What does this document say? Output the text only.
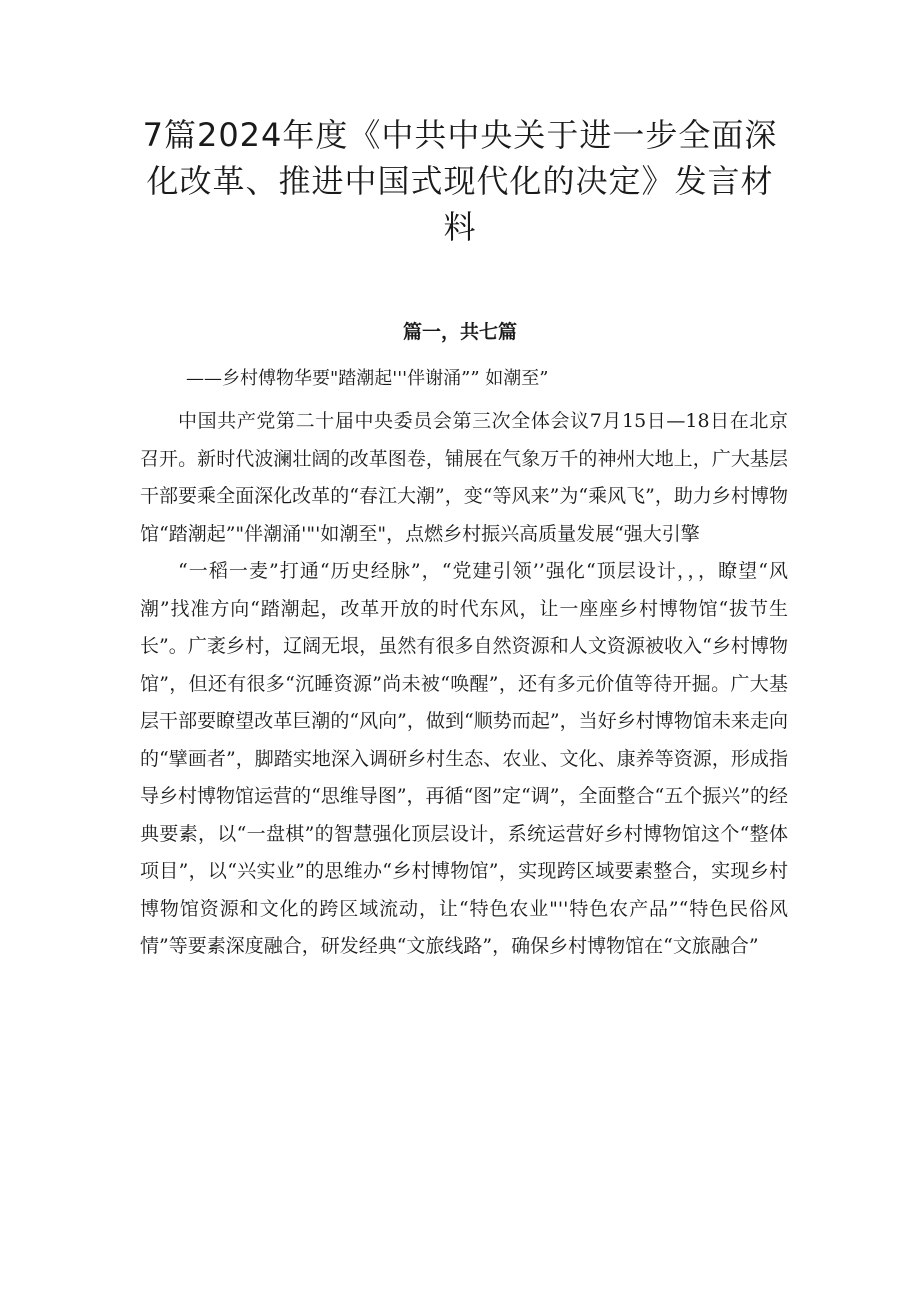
7篇2024年度《中共中央关于进一步全面深化改革、推进中国式现代化的决定》发言材料
篇一，共七篇
——乡村傅物华要"踏潮起'''伴谢涌”” 如潮至”

中国共产党第二十届中央委员会第三次全体会议7月15日—18日在北京召开。新时代波澜壮阔的改革图卷，铺展在气象万千的神州大地上，广大基层干部要乘全面深化改革的“春江大潮”，变“等风来”为“乘风飞”，助力乡村博物馆“踏潮起”"伴潮涌'"'如潮至"，点燃乡村振兴高质量发展“强大引擎

“一稻一麦”打通“历史经脉”，“党建引领’’强化“顶层设计，，，瞭望“风潮”找准方向“踏潮起，改革开放的时代东风，让一座座乡村博物馆“拔节生长”。广袤乡村，辽阔无垠，虽然有很多自然资源和人文资源被收入“乡村博物馆”，但还有很多“沉睡资源”尚未被“唤醒”，还有多元价值等待开掘。广大基层干部要瞭望改革巨潮的“风向”，做到“顺势而起”，当好乡村博物馆未来走向的“擘画者”，脚踏实地深入调研乡村生态、农业、文化、康养等资源，形成指导乡村博物馆运营的“思维导图”，再循“图”定“调”，全面整合“五个振兴”的经典要素，以“一盘棋”的智慧强化顶层设计，系统运营好乡村博物馆这个“整体项目”，以“兴实业”的思维办“乡村博物馆”，实现跨区域要素整合，实现乡村博物馆资源和文化的跨区域流动，让“特色农业"''特色农产品”“特色民俗风情”等要素深度融合，研发经典“文旅线路”，确保乡村博物馆在“文旅融合”
